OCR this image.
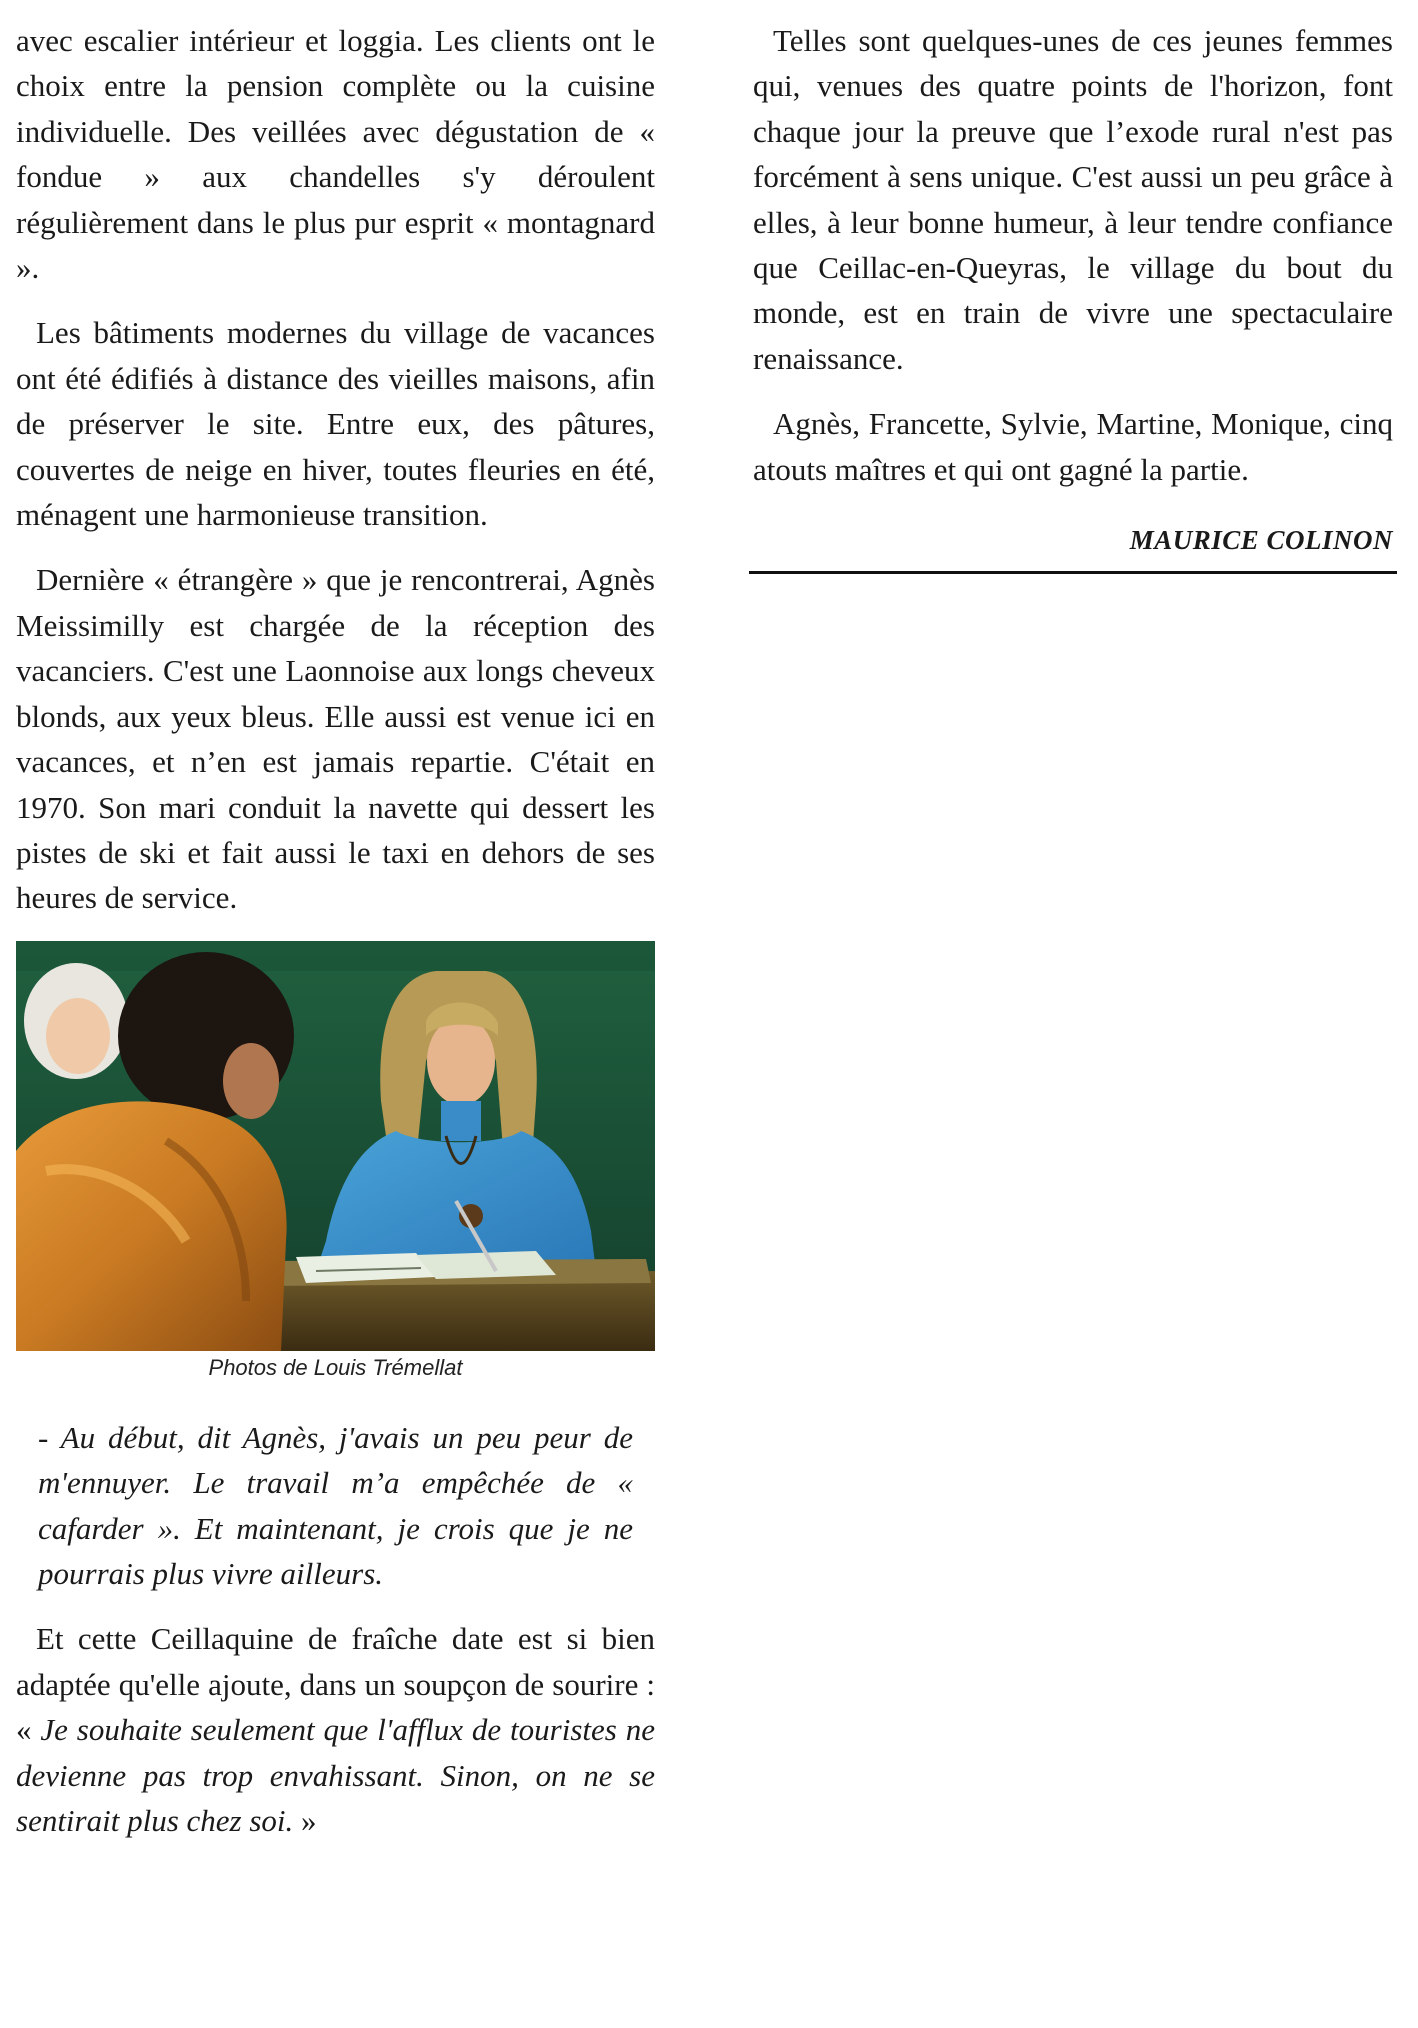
avec escalier intérieur et loggia. Les clients ont le choix entre la pension complète ou la cuisine individuelle. Des veillées avec dégustation de « fondue » aux chandelles s'y déroulent régulièrement dans le plus pur esprit « montagnard ».

Les bâtiments modernes du village de vacances ont été édifiés à distance des vieilles maisons, afin de préserver le site. Entre eux, des pâtures, couvertes de neige en hiver, toutes fleuries en été, ménagent une harmonieuse transition.

Dernière « étrangère » que je rencontrerai, Agnès Meissimilly est chargée de la réception des vacanciers. C'est une Laonnoise aux longs cheveux blonds, aux yeux bleus. Elle aussi est venue ici en vacances, et n’en est jamais repartie. C'était en 1970. Son mari conduit la navette qui dessert les pistes de ski et fait aussi le taxi en dehors de ses heures de service.

Photos de Louis Trémellat

- Au début, dit Agnès, j'avais un peu peur de m'ennuyer. Le travail m’a empêchée de « cafarder ». Et maintenant, je crois que je ne pourrais plus vivre ailleurs.

Et cette Ceillaquine de fraîche date est si bien adaptée qu'elle ajoute, dans un soupçon de sourire : « Je souhaite seulement que l'afflux de touristes ne devienne pas trop envahissant. Sinon, on ne se sentirait plus chez soi. »

Telles sont quelques-unes de ces jeunes femmes qui, venues des quatre points de l'horizon, font chaque jour la preuve que l’exode rural n'est pas forcément à sens unique. C'est aussi un peu grâce à elles, à leur bonne humeur, à leur tendre confiance que Ceillac-en-Queyras, le village du bout du monde, est en train de vivre une spectaculaire renaissance.

Agnès, Francette, Sylvie, Martine, Monique, cinq atouts maîtres et qui ont gagné la partie.

MAURICE COLINON
